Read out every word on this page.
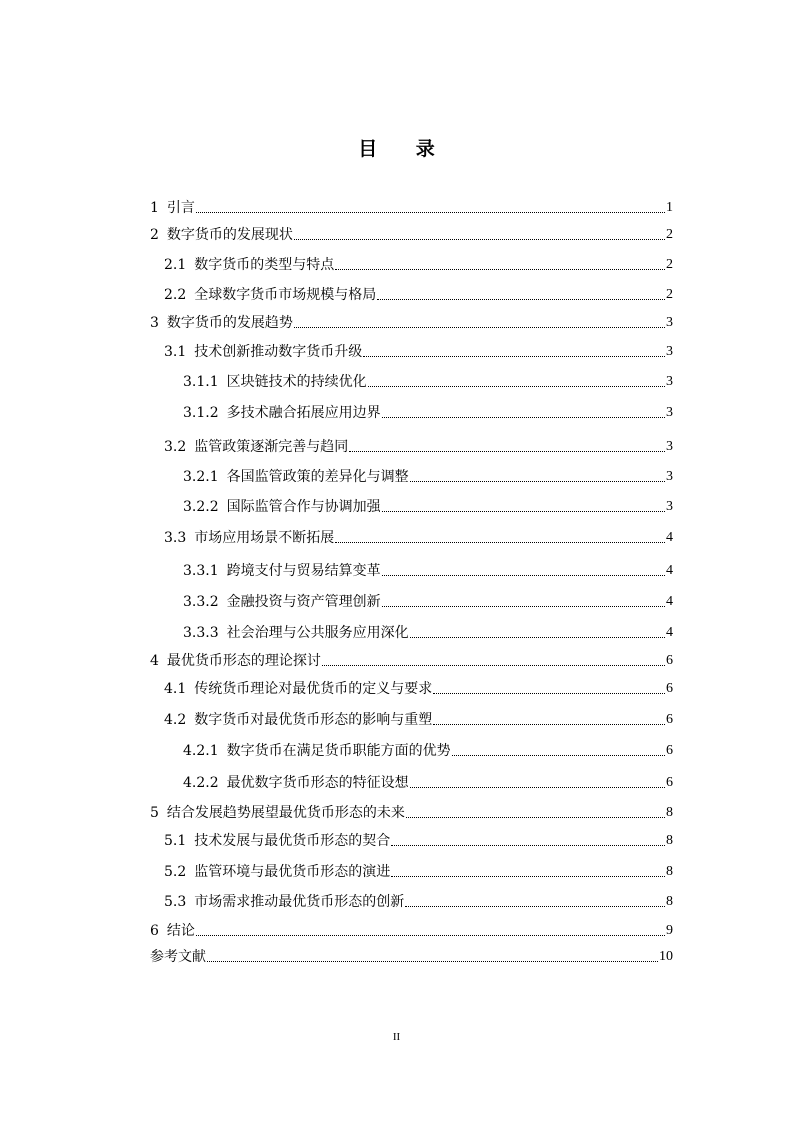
目 录
1 引言	1
2 数字货币的发展现状	2
2.1 数字货币的类型与特点	2
2.2 全球数字货币市场规模与格局	2
3 数字货币的发展趋势	3
3.1 技术创新推动数字货币升级	3
3.1.1 区块链技术的持续优化	3
3.1.2 多技术融合拓展应用边界	3
3.2 监管政策逐渐完善与趋同	3
3.2.1 各国监管政策的差异化与调整	3
3.2.2 国际监管合作与协调加强	3
3.3 市场应用场景不断拓展	4
3.3.1 跨境支付与贸易结算变革	4
3.3.2 金融投资与资产管理创新	4
3.3.3 社会治理与公共服务应用深化	4
4 最优货币形态的理论探讨	6
4.1 传统货币理论对最优货币的定义与要求	6
4.2 数字货币对最优货币形态的影响与重塑	6
4.2.1 数字货币在满足货币职能方面的优势	6
4.2.2 最优数字货币形态的特征设想	6
5 结合发展趋势展望最优货币形态的未来	8
5.1 技术发展与最优货币形态的契合	8
5.2 监管环境与最优货币形态的演进	8
5.3 市场需求推动最优货币形态的创新	8
6 结论	9
参考文献	10
II
